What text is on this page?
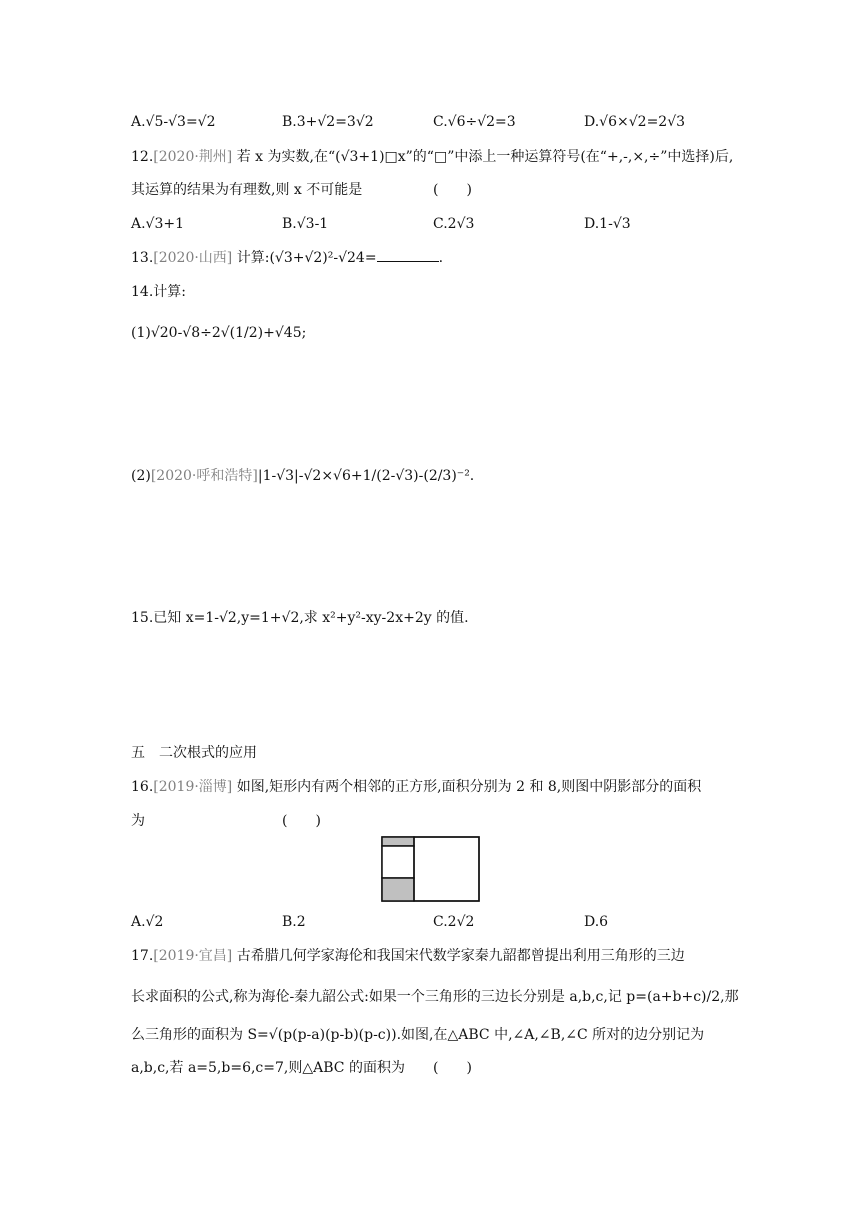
A.√5-√3=√2	B.3+√2=3√2	C.√6÷√2=3	D.√6×√2=2√3
12.[2020·荆州] 若 x 为实数,在“(√3+1)□x”的“□”中添上一种运算符号(在“+,-,×,÷”中选择)后,
其运算的结果为有理数,则 x 不可能是	(　　)
A.√3+1	B.√3-1	C.2√3	D.1-√3
13.[2020·山西] 计算:(√3+√2)²-√24=	.
14.计算:
(1)√20-√8÷2√(1/2)+√45;
(2)[2020·呼和浩特]|1-√3|-√2×√6+1/(2-√3)-(2/3)⁻².
15.已知 x=1-√2,y=1+√2,求 x²+y²-xy-2x+2y 的值.
五　二次根式的应用
16.[2019·淄博] 如图,矩形内有两个相邻的正方形,面积分别为 2 和 8,则图中阴影部分的面积
为	(　　)
A.√2	B.2	C.2√2	D.6
17.[2019·宜昌] 古希腊几何学家海伦和我国宋代数学家秦九韶都曾提出利用三角形的三边
长求面积的公式,称为海伦-秦九韶公式:如果一个三角形的三边长分别是 a,b,c,记 p=(a+b+c)/2,那
么三角形的面积为 S=√(p(p-a)(p-b)(p-c)).如图,在△ABC 中,∠A,∠B,∠C 所对的边分别记为
a,b,c,若 a=5,b=6,c=7,则△ABC 的面积为 (　　)
